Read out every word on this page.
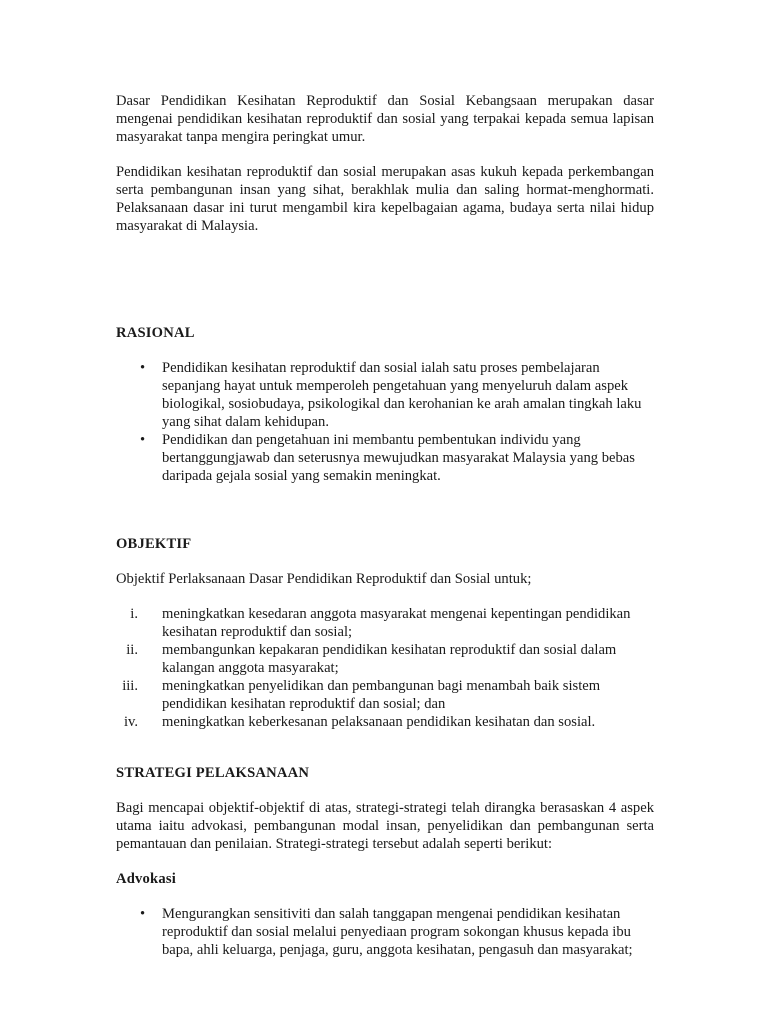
Dasar Pendidikan Kesihatan Reproduktif dan Sosial Kebangsaan merupakan dasar mengenai pendidikan kesihatan reproduktif dan sosial yang terpakai kepada semua lapisan masyarakat tanpa mengira peringkat umur.

Pendidikan kesihatan reproduktif dan sosial merupakan asas kukuh kepada perkembangan serta pembangunan insan yang sihat, berakhlak mulia dan saling hormat-menghormati. Pelaksanaan dasar ini turut mengambil kira kepelbagaian agama, budaya serta nilai hidup masyarakat di Malaysia.

RASIONAL

• Pendidikan kesihatan reproduktif dan sosial ialah satu proses pembelajaran sepanjang hayat untuk memperoleh pengetahuan yang menyeluruh dalam aspek biologikal, sosiobudaya, psikologikal dan kerohanian ke arah amalan tingkah laku yang sihat dalam kehidupan.
• Pendidikan dan pengetahuan ini membantu pembentukan individu yang bertanggungjawab dan seterusnya mewujudkan masyarakat Malaysia yang bebas daripada gejala sosial yang semakin meningkat.

OBJEKTIF

Objektif Perlaksanaan Dasar Pendidikan Reproduktif dan Sosial untuk;

i. meningkatkan kesedaran anggota masyarakat mengenai kepentingan pendidikan kesihatan reproduktif dan sosial;
ii. membangunkan kepakaran pendidikan kesihatan reproduktif dan sosial dalam kalangan anggota masyarakat;
iii. meningkatkan penyelidikan dan pembangunan bagi menambah baik sistem pendidikan kesihatan reproduktif dan sosial; dan
iv. meningkatkan keberkesanan pelaksanaan pendidikan kesihatan dan sosial.

STRATEGI PELAKSANAAN

Bagi mencapai objektif-objektif di atas, strategi-strategi telah dirangka berasaskan 4 aspek utama iaitu advokasi, pembangunan modal insan, penyelidikan dan pembangunan serta pemantauan dan penilaian. Strategi-strategi tersebut adalah seperti berikut:

Advokasi

• Mengurangkan sensitiviti dan salah tanggapan mengenai pendidikan kesihatan reproduktif dan sosial melalui penyediaan program sokongan khusus kepada ibu bapa, ahli keluarga, penjaga, guru, anggota kesihatan, pengasuh dan masyarakat;
